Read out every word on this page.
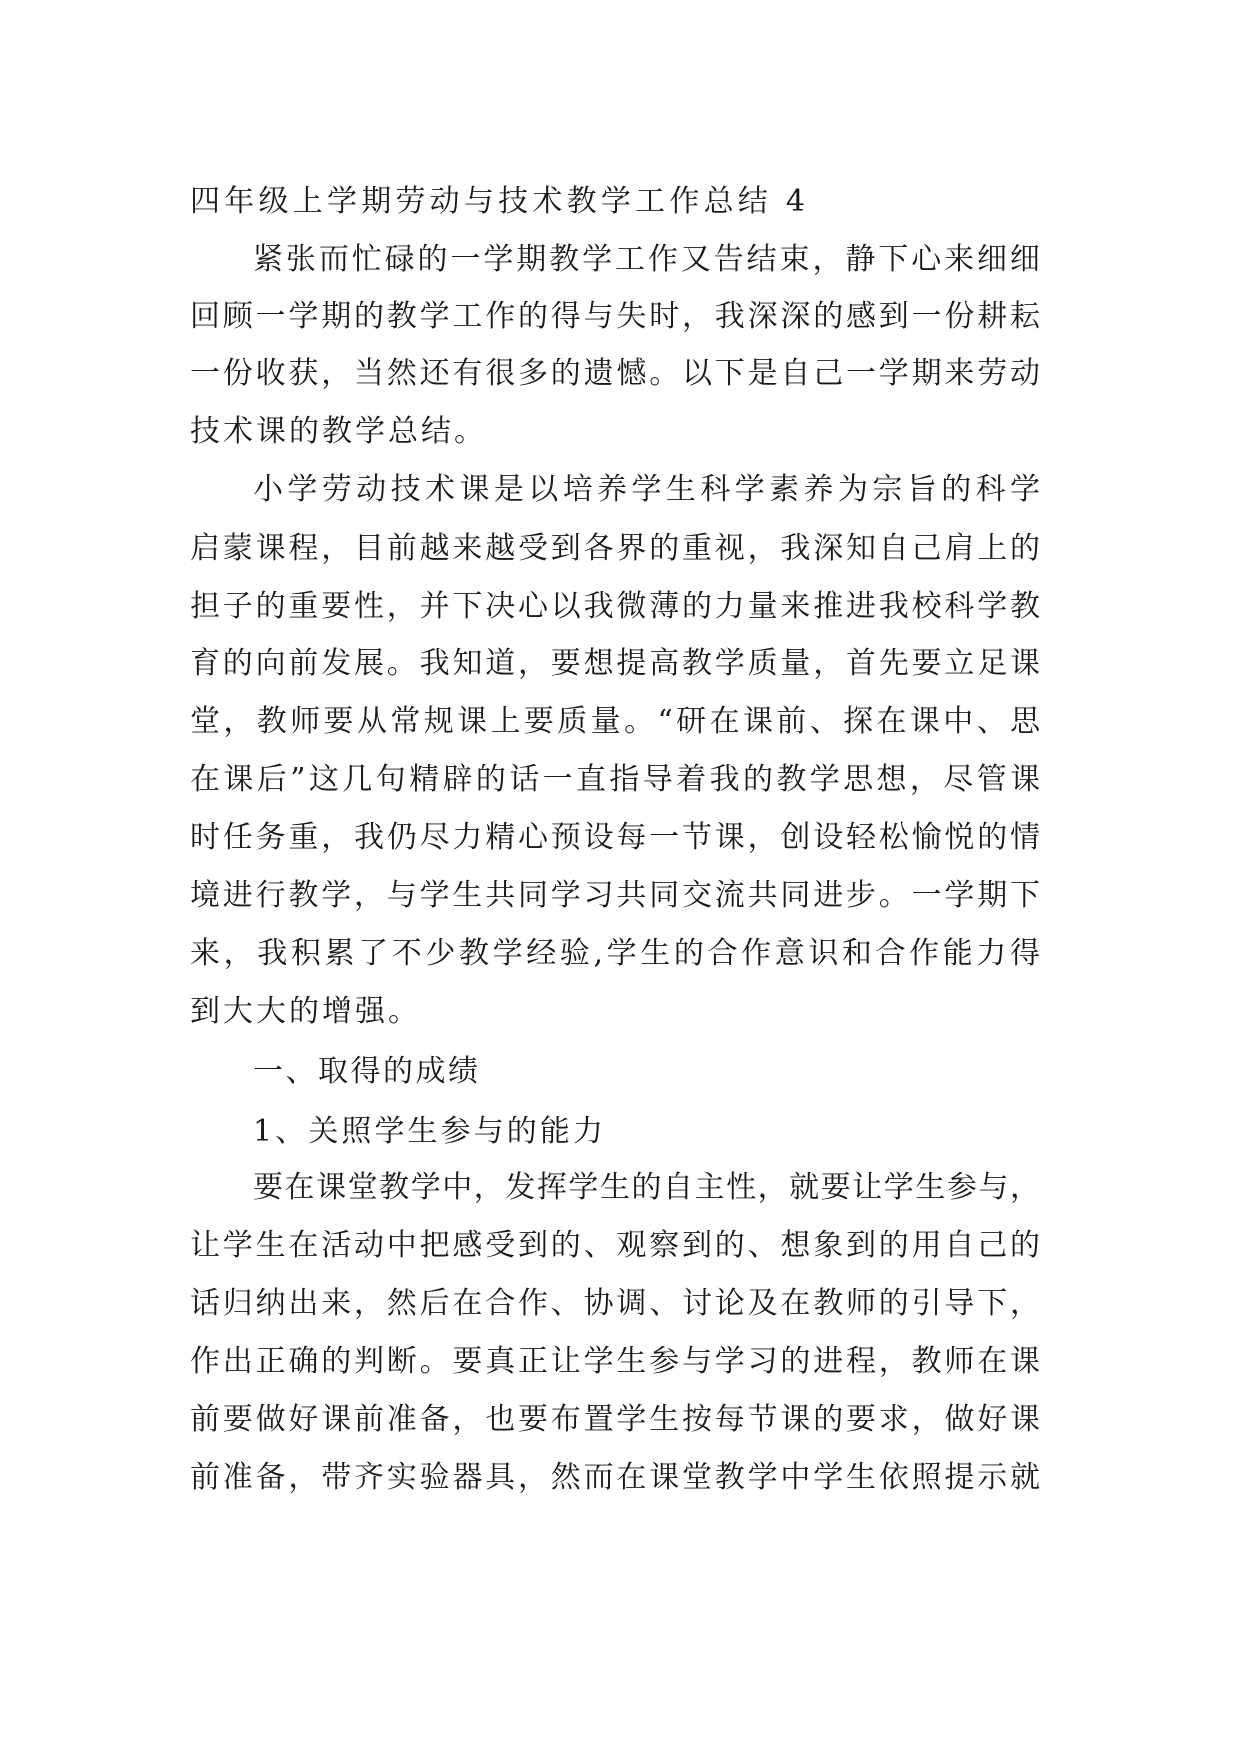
四年级上学期劳动与技术教学工作总结 4
紧张而忙碌的一学期教学工作又告结束，静下心来细细
回顾一学期的教学工作的得与失时，我深深的感到一份耕耘
一份收获，当然还有很多的遗憾。以下是自己一学期来劳动
技术课的教学总结。
小学劳动技术课是以培养学生科学素养为宗旨的科学
启蒙课程，目前越来越受到各界的重视，我深知自己肩上的
担子的重要性，并下决心以我微薄的力量来推进我校科学教
育的向前发展。我知道，要想提高教学质量，首先要立足课
堂，教师要从常规课上要质量。“研在课前、探在课中、思
在课后”这几句精辟的话一直指导着我的教学思想，尽管课
时任务重，我仍尽力精心预设每一节课，创设轻松愉悦的情
境进行教学，与学生共同学习共同交流共同进步。一学期下
来，我积累了不少教学经验,学生的合作意识和合作能力得
到大大的增强。
一、取得的成绩
1、关照学生参与的能力
要在课堂教学中，发挥学生的自主性，就要让学生参与，
让学生在活动中把感受到的、观察到的、想象到的用自己的
话归纳出来，然后在合作、协调、讨论及在教师的引导下，
作出正确的判断。要真正让学生参与学习的进程，教师在课
前要做好课前准备，也要布置学生按每节课的要求，做好课
前准备，带齐实验器具，然而在课堂教学中学生依照提示就
